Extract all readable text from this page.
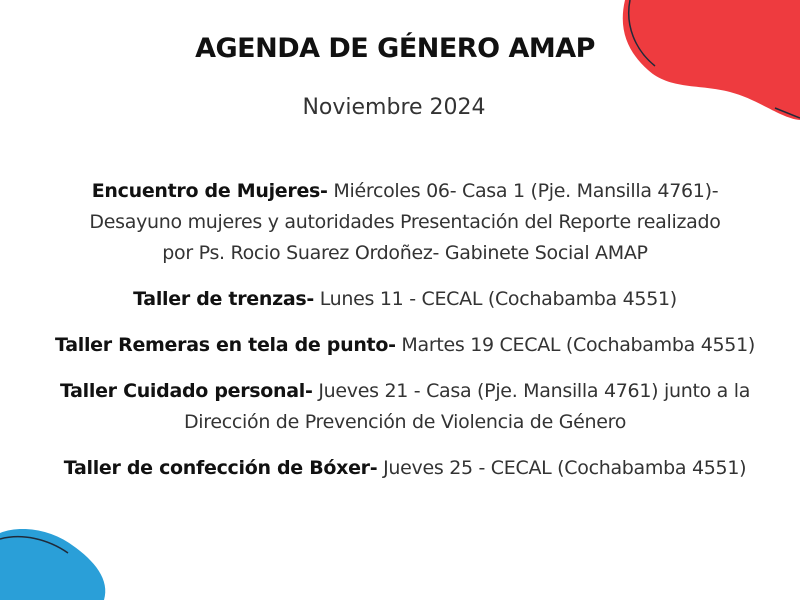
AGENDA DE GÉNERO AMAP
Noviembre 2024
Encuentro de Mujeres- Miércoles 06- Casa 1 (Pje. Mansilla 4761)-
Desayuno mujeres y autoridades Presentación del Reporte realizado
por Ps. Rocio Suarez Ordoñez- Gabinete Social AMAP
Taller de trenzas- Lunes 11 - CECAL (Cochabamba 4551)
Taller Remeras en tela de punto- Martes 19 CECAL (Cochabamba 4551)
Taller Cuidado personal- Jueves 21 - Casa (Pje. Mansilla 4761) junto a la
Dirección de Prevención de Violencia de Género
Taller de confección de Bóxer- Jueves 25 - CECAL (Cochabamba 4551)
